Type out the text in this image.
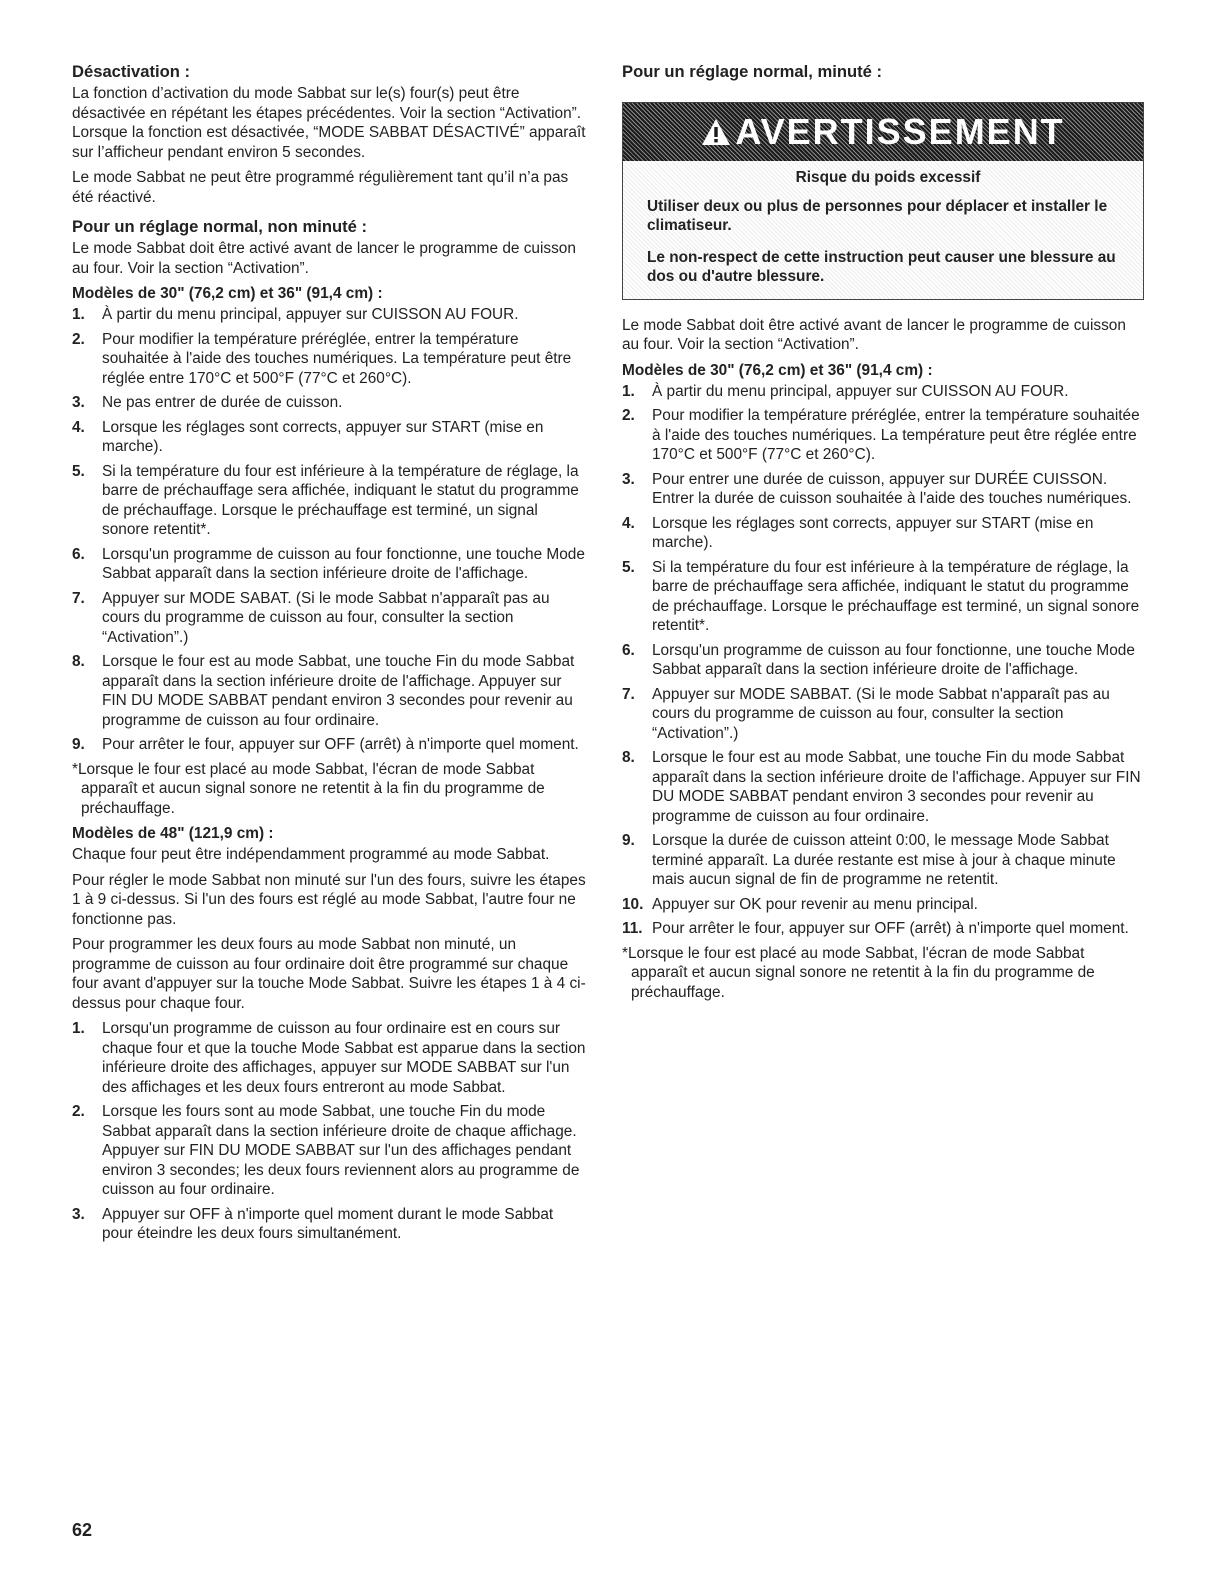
Désactivation :

La fonction d’activation du mode Sabbat sur le(s) four(s) peut être désactivée en répétant les étapes précédentes. Voir la section “Activation”. Lorsque la fonction est désactivée, “MODE SABBAT DÉSACTIVÉ” apparaît sur l’afficheur pendant environ 5 secondes.

Le mode Sabbat ne peut être programmé régulièrement tant qu’il n’a pas été réactivé.

Pour un réglage normal, non minuté :

Le mode Sabbat doit être activé avant de lancer le programme de cuisson au four. Voir la section “Activation”.

Modèles de 30" (76,2 cm) et 36" (91,4 cm) :
1. À partir du menu principal, appuyer sur CUISSON AU FOUR.
2. Pour modifier la température préréglée, entrer la température souhaitée à l'aide des touches numériques. La température peut être réglée entre 170°C et 500°F (77°C et 260°C).
3. Ne pas entrer de durée de cuisson.
4. Lorsque les réglages sont corrects, appuyer sur START (mise en marche).
5. Si la température du four est inférieure à la température de réglage, la barre de préchauffage sera affichée, indiquant le statut du programme de préchauffage. Lorsque le préchauffage est terminé, un signal sonore retentit*.
6. Lorsqu'un programme de cuisson au four fonctionne, une touche Mode Sabbat apparaît dans la section inférieure droite de l'affichage.
7. Appuyer sur MODE SABAT. (Si le mode Sabbat n'apparaît pas au cours du programme de cuisson au four, consulter la section “Activation”.)
8. Lorsque le four est au mode Sabbat, une touche Fin du mode Sabbat apparaît dans la section inférieure droite de l'affichage. Appuyer sur FIN DU MODE SABBAT pendant environ 3 secondes pour revenir au programme de cuisson au four ordinaire.
9. Pour arrêter le four, appuyer sur OFF (arrêt) à n'importe quel moment.

*Lorsque le four est placé au mode Sabbat, l'écran de mode Sabbat apparaît et aucun signal sonore ne retentit à la fin du programme de préchauffage.

Modèles de 48" (121,9 cm) :

Chaque four peut être indépendamment programmé au mode Sabbat.

Pour régler le mode Sabbat non minuté sur l'un des fours, suivre les étapes 1 à 9 ci-dessus. Si l'un des fours est réglé au mode Sabbat, l'autre four ne fonctionne pas.

Pour programmer les deux fours au mode Sabbat non minuté, un programme de cuisson au four ordinaire doit être programmé sur chaque four avant d'appuyer sur la touche Mode Sabbat. Suivre les étapes 1 à 4 ci-dessus pour chaque four.

1. Lorsqu'un programme de cuisson au four ordinaire est en cours sur chaque four et que la touche Mode Sabbat est apparue dans la section inférieure droite des affichages, appuyer sur MODE SABBAT sur l'un des affichages et les deux fours entreront au mode Sabbat.
2. Lorsque les fours sont au mode Sabbat, une touche Fin du mode Sabbat apparaît dans la section inférieure droite de chaque affichage. Appuyer sur FIN DU MODE SABBAT sur l'un des affichages pendant environ 3 secondes; les deux fours reviennent alors au programme de cuisson au four ordinaire.
3. Appuyer sur OFF à n'importe quel moment durant le mode Sabbat pour éteindre les deux fours simultanément.
Pour un réglage normal, minuté :
AVERTISSEMENT

Risque du poids excessif

Utiliser deux ou plus de personnes pour déplacer et installer le climatiseur.

Le non-respect de cette instruction peut causer une blessure au dos ou d'autre blessure.

Le mode Sabbat doit être activé avant de lancer le programme de cuisson au four. Voir la section “Activation”.

Modèles de 30" (76,2 cm) et 36" (91,4 cm) :
1. À partir du menu principal, appuyer sur CUISSON AU FOUR.
2. Pour modifier la température préréglée, entrer la température souhaitée à l'aide des touches numériques. La température peut être réglée entre 170°C et 500°F (77°C et 260°C).
3. Pour entrer une durée de cuisson, appuyer sur DURÉE CUISSON. Entrer la durée de cuisson souhaitée à l'aide des touches numériques.
4. Lorsque les réglages sont corrects, appuyer sur START (mise en marche).
5. Si la température du four est inférieure à la température de réglage, la barre de préchauffage sera affichée, indiquant le statut du programme de préchauffage. Lorsque le préchauffage est terminé, un signal sonore retentit*.
6. Lorsqu'un programme de cuisson au four fonctionne, une touche Mode Sabbat apparaît dans la section inférieure droite de l'affichage.
7. Appuyer sur MODE SABBAT. (Si le mode Sabbat n'apparaît pas au cours du programme de cuisson au four, consulter la section “Activation”.)
8. Lorsque le four est au mode Sabbat, une touche Fin du mode Sabbat apparaît dans la section inférieure droite de l'affichage. Appuyer sur FIN DU MODE SABBAT pendant environ 3 secondes pour revenir au programme de cuisson au four ordinaire.
9. Lorsque la durée de cuisson atteint 0:00, le message Mode Sabbat terminé apparaît. La durée restante est mise à jour à chaque minute mais aucun signal de fin de programme ne retentit.
10. Appuyer sur OK pour revenir au menu principal.
11. Pour arrêter le four, appuyer sur OFF (arrêt) à n'importe quel moment.

*Lorsque le four est placé au mode Sabbat, l'écran de mode Sabbat apparaît et aucun signal sonore ne retentit à la fin du programme de préchauffage.

62
